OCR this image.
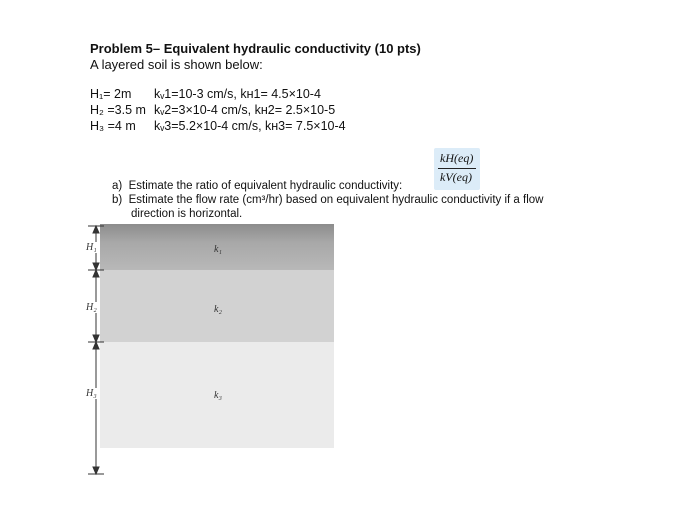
Problem 5– Equivalent hydraulic conductivity (10 pts)
A layered soil is shown below:
H₁= 2m kᵥ1=10-3 cm/s, kʜ1= 4.5×10-4
H₂ =3.5 m kᵥ2=3×10-4 cm/s, kʜ2= 2.5×10-5
H₃ =4 m kᵥ3=5.2×10-4 cm/s, kʜ3= 7.5×10-4
kH(eq)
kV(eq)
a) Estimate the ratio of equivalent hydraulic conductivity:
b) Estimate the flow rate (cm³/hr) based on equivalent hydraulic conductivity if a flow
direction is horizontal.
H₁
H₂
H₃
k₁
k₂
k₃
